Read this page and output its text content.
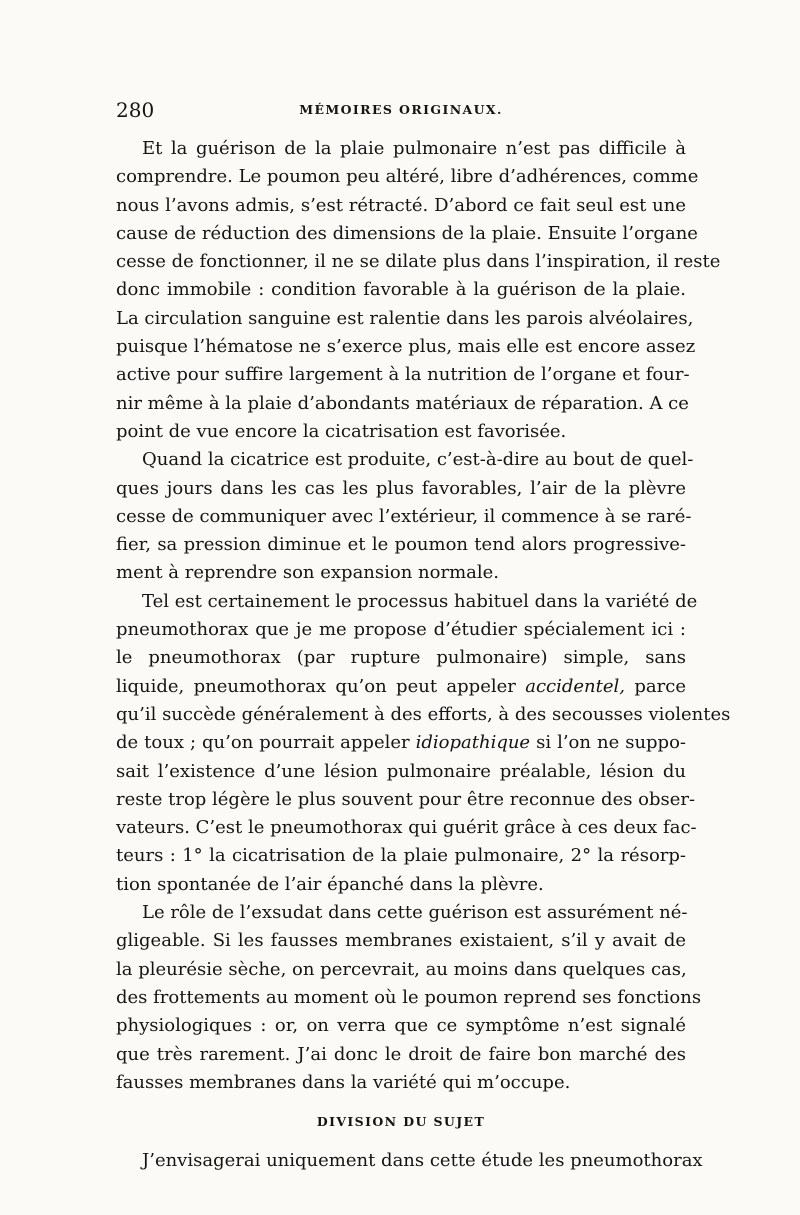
280	MÉMOIRES ORIGINAUX.
Et la guérison de la plaie pulmonaire n’est pas difficile à
comprendre. Le poumon peu altéré, libre d’adhérences, comme
nous l’avons admis, s’est rétracté. D’abord ce fait seul est une
cause de réduction des dimensions de la plaie. Ensuite l’organe
cesse de fonctionner, il ne se dilate plus dans l’inspiration, il reste
donc immobile : condition favorable à la guérison de la plaie.
La circulation sanguine est ralentie dans les parois alvéolaires,
puisque l’hématose ne s’exerce plus, mais elle est encore assez
active pour suffire largement à la nutrition de l’organe et four-
nir même à la plaie d’abondants matériaux de réparation. A ce
point de vue encore la cicatrisation est favorisée.
Quand la cicatrice est produite, c’est-à-dire au bout de quel-
ques jours dans les cas les plus favorables, l’air de la plèvre
cesse de communiquer avec l’extérieur, il commence à se raré-
fier, sa pression diminue et le poumon tend alors progressive-
ment à reprendre son expansion normale.
Tel est certainement le processus habituel dans la variété de
pneumothorax que je me propose d’étudier spécialement ici :
le pneumothorax (par rupture pulmonaire) simple, sans
liquide, pneumothorax qu’on peut appeler accidentel, parce
qu’il succède généralement à des efforts, à des secousses violentes
de toux ; qu’on pourrait appeler idiopathique si l’on ne suppo-
sait l’existence d’une lésion pulmonaire préalable, lésion du
reste trop légère le plus souvent pour être reconnue des obser-
vateurs. C’est le pneumothorax qui guérit grâce à ces deux fac-
teurs : 1° la cicatrisation de la plaie pulmonaire, 2° la résorp-
tion spontanée de l’air épanché dans la plèvre.
Le rôle de l’exsudat dans cette guérison est assurément né-
gligeable. Si les fausses membranes existaient, s’il y avait de
la pleurésie sèche, on percevrait, au moins dans quelques cas,
des frottements au moment où le poumon reprend ses fonctions
physiologiques : or, on verra que ce symptôme n’est signalé
que très rarement. J’ai donc le droit de faire bon marché des
fausses membranes dans la variété qui m’occupe.
DIVISION DU SUJET
J’envisagerai uniquement dans cette étude les pneumothorax
